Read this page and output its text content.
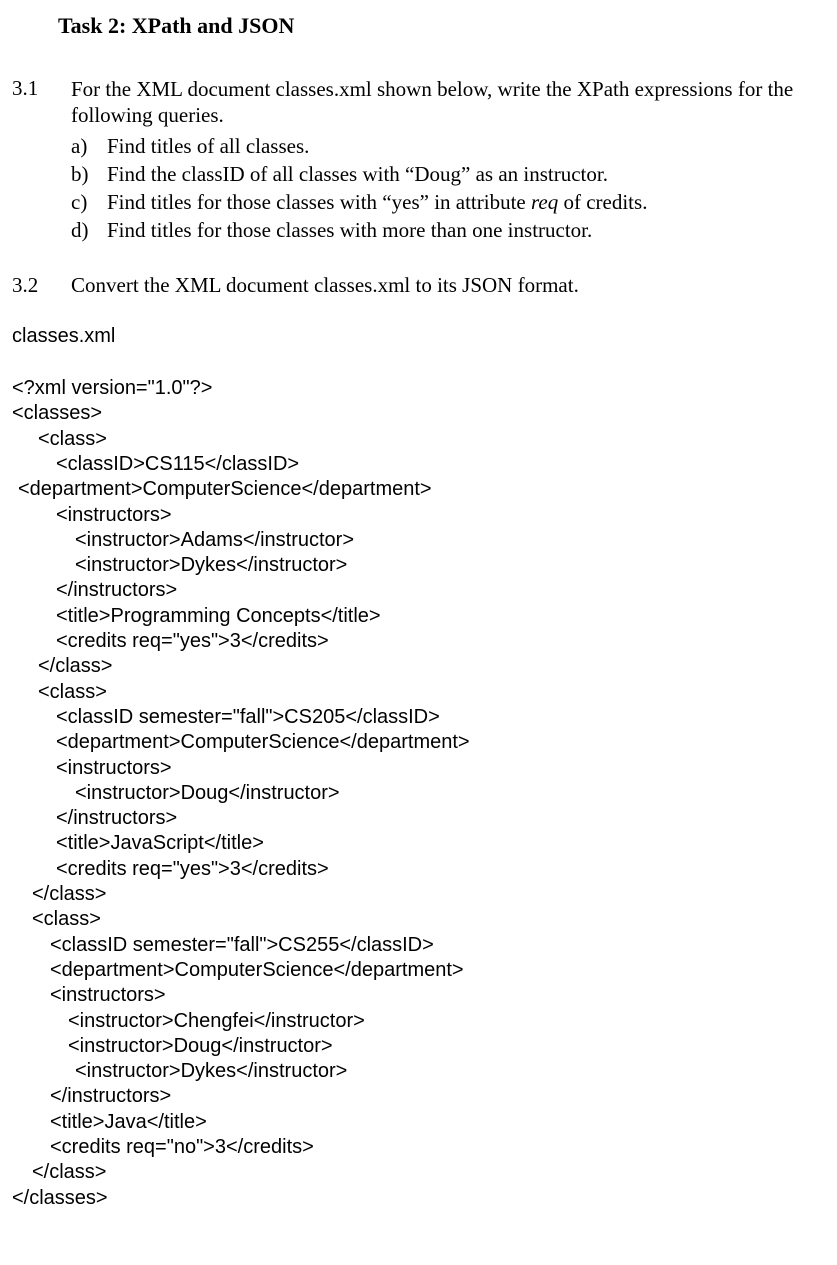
Task 2: XPath and JSON
3.1 For the XML document classes.xml shown below, write the XPath expressions for the
following queries.
a) Find titles of all classes.
b) Find the classID of all classes with “Doug” as an instructor.
c) Find titles for those classes with “yes” in attribute req of credits.
d) Find titles for those classes with more than one instructor.
3.2 Convert the XML document classes.xml to its JSON format.
classes.xml
<?xml version="1.0"?>
<classes>
<class>
<classID>CS115</classID>
<department>ComputerScience</department>
<instructors>
<instructor>Adams</instructor>
<instructor>Dykes</instructor>
</instructors>
<title>Programming Concepts</title>
<credits req="yes">3</credits>
</class>
<class>
<classID semester="fall">CS205</classID>
<department>ComputerScience</department>
<instructors>
<instructor>Doug</instructor>
</instructors>
<title>JavaScript</title>
<credits req="yes">3</credits>
</class>
<class>
<classID semester="fall">CS255</classID>
<department>ComputerScience</department>
<instructors>
<instructor>Chengfei</instructor>
<instructor>Doug</instructor>
<instructor>Dykes</instructor>
</instructors>
<title>Java</title>
<credits req="no">3</credits>
</class>
</classes>
